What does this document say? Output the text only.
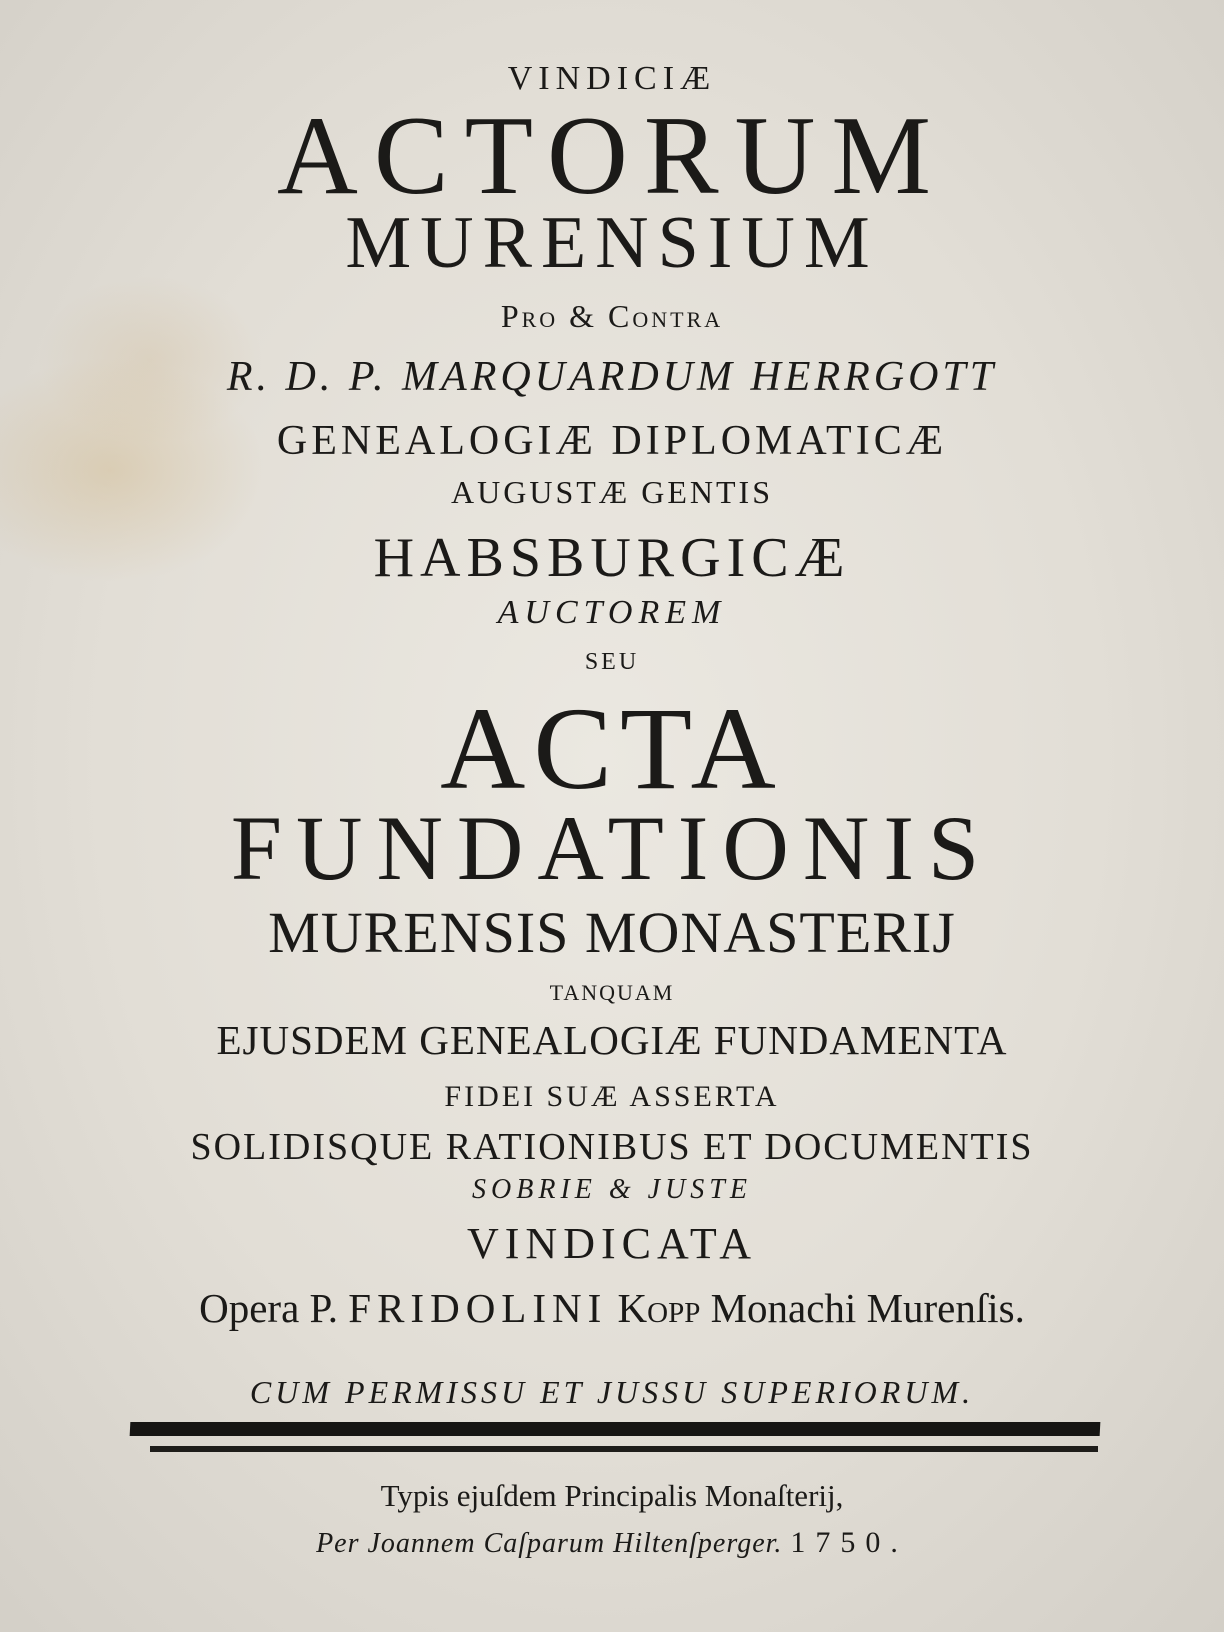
VINDICIÆ
ACTORUM
MURENSIUM
Pro & Contra
R. D. P. MARQUARDUM HERRGOTT
GENEALOGIÆ DIPLOMATICÆ
AUGUSTÆ GENTIS
HABSBURGICÆ
AUCTOREM
SEU
ACTA
FUNDATIONIS
MURENSIS MONASTERIJ
TANQUAM
EJUSDEM GENEALOGIÆ FUNDAMENTA
FIDEI SUÆ ASSERTA
SOLIDISQUE RATIONIBUS ET DOCUMENTIS
SOBRIE & JUSTE
VINDICATA
Opera P. FRIDOLINI Kopp Monachi Murenſis.
CUM PERMISSU ET JUSSU SUPERIORUM.
Typis ejuſdem Principalis Monaſterij,
Per Joannem Caſparum Hiltenſperger. 1750.
